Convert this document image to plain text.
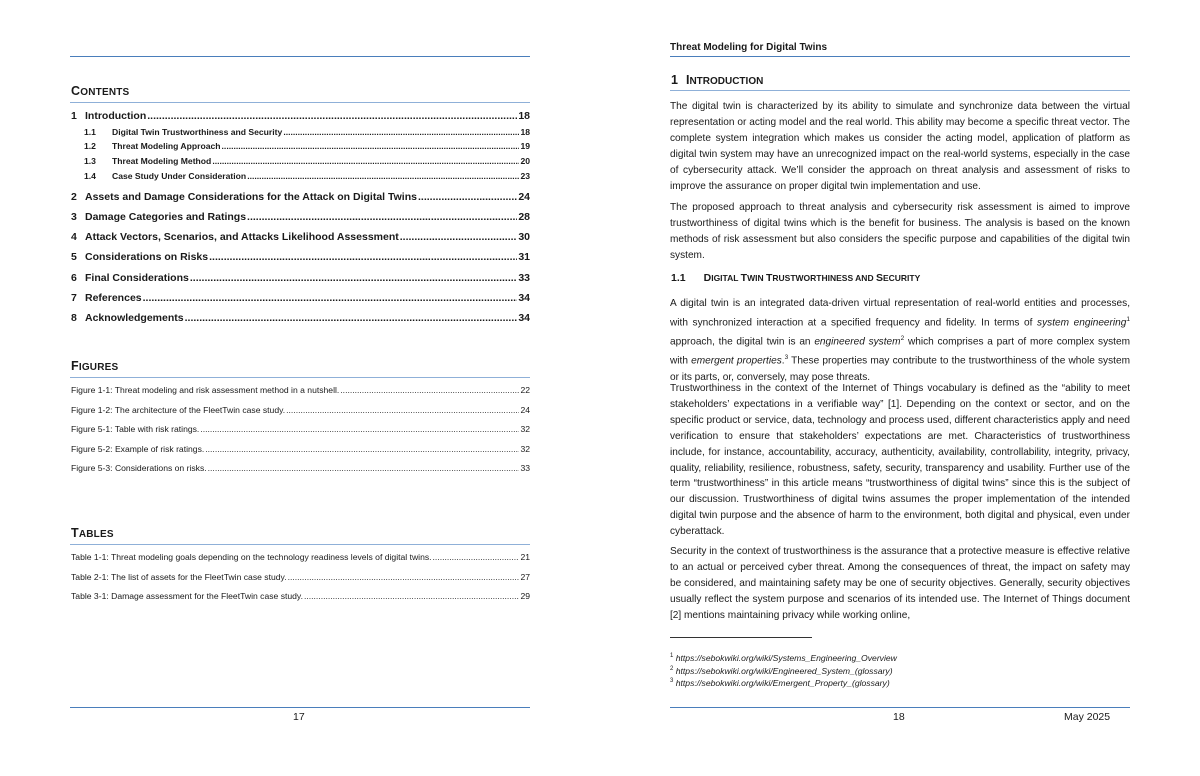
CONTENTS
1 Introduction .....	18
1.1 Digital Twin Trustworthiness and Security .....	18
1.2 Threat Modeling Approach .....	19
1.3 Threat Modeling Method .....	20
1.4 Case Study Under Consideration .....	23
2 Assets and Damage Considerations for the Attack on Digital Twins .....	24
3 Damage Categories and Ratings .....	28
4 Attack Vectors, Scenarios, and Attacks Likelihood Assessment .....	30
5 Considerations on Risks .....	31
6 Final Considerations .....	33
7 References .....	34
8 Acknowledgements .....	34
FIGURES
Figure 1-1: Threat modeling and risk assessment method in a nutshell. .....	22
Figure 1-2: The architecture of the FleetTwin case study. .....	24
Figure 5-1: Table with risk ratings. .....	32
Figure 5-2: Example of risk ratings. .....	32
Figure 5-3: Considerations on risks. .....	33
TABLES
Table 1-1: Threat modeling goals depending on the technology readiness levels of digital twins. .....	21
Table 2-1: The list of assets for the FleetTwin case study. .....	27
Table 3-1: Damage assessment for the FleetTwin case study. .....	29
17
Threat Modeling for Digital Twins
1 INTRODUCTION
The digital twin is characterized by its ability to simulate and synchronize data between the virtual representation or acting model and the real world. This ability may become a specific threat vector. The complete system integration which makes us consider the acting model, application of platform as digital twin system may have an unrecognized impact on the real-world systems, especially in the case of cybersecurity attack. We’ll consider the approach on threat analysis and assessment of risks to improve the assurance on proper digital twin implementation and use.
The proposed approach to threat analysis and cybersecurity risk assessment is aimed to improve trustworthiness of digital twins which is the benefit for business. The analysis is based on the known methods of risk assessment but also considers the specific purpose and capabilities of the digital twin system.
1.1 DIGITAL TWIN TRUSTWORTHINESS AND SECURITY
A digital twin is an integrated data-driven virtual representation of real-world entities and processes, with synchronized interaction at a specified frequency and fidelity. In terms of system engineering$^1$ approach, the digital twin is an engineered system$^2$ which comprises a part of more complex system with emergent properties.$^3$ These properties may contribute to the trustworthiness of the whole system or its parts, or, conversely, may pose threats.
Trustworthiness in the context of the Internet of Things vocabulary is defined as the “ability to meet stakeholders’ expectations in a verifiable way” [1]. Depending on the context or sector, and on the specific product or service, data, technology and process used, different characteristics apply and need verification to ensure that stakeholders’ expectations are met. Characteristics of trustworthiness include, for instance, accountability, accuracy, authenticity, availability, controllability, integrity, privacy, quality, reliability, resilience, robustness, safety, security, transparency and usability. Further use of the term “trustworthiness” in this article means “trustworthiness of digital twins” since this is the subject of our discussion. Trustworthiness of digital twins assumes the proper implementation of the intended digital twin purpose and the absence of harm to the environment, both digital and physical, even under cyberattack.
Security in the context of trustworthiness is the assurance that a protective measure is effective relative to an actual or perceived cyber threat. Among the consequences of threat, the impact on safety may be considered, and maintaining safety may be one of security objectives. Generally, security objectives usually reflect the system purpose and scenarios of its intended use. The Internet of Things document [2] mentions maintaining privacy while working online,
$^1$ https://sebokwiki.org/wiki/Systems_Engineering_Overview
$^2$ https://sebokwiki.org/wiki/Engineered_System_(glossary)
$^3$ https://sebokwiki.org/wiki/Emergent_Property_(glossary)
18	May 2025
